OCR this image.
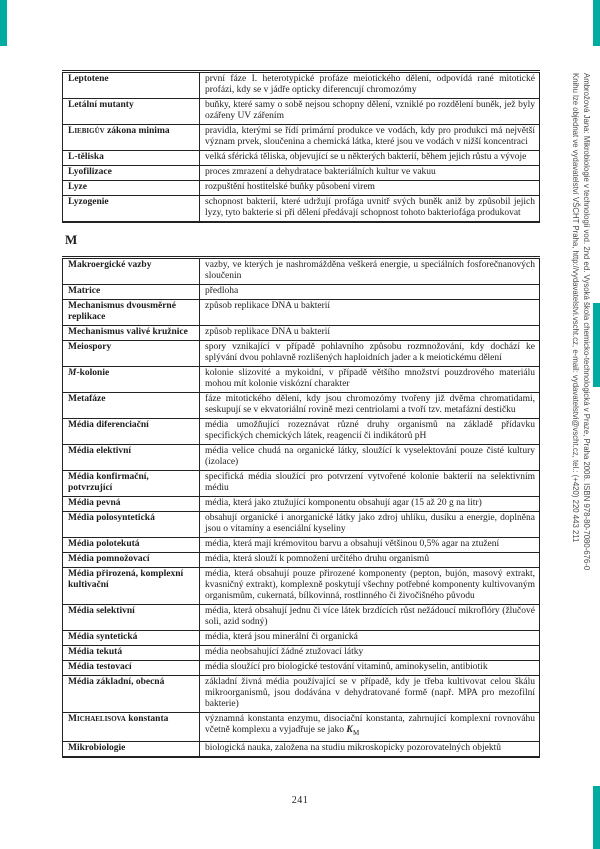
Leptotene	první fáze I. heterotypické profáze meiotického dělení, odpovídá rané mitotické profázi, kdy se v jádře opticky diferencují chromozómy
Letální mutanty	buňky, které samy o sobě nejsou schopny dělení, vzniklé po rozdělení buněk, jež byly ozářeny UV zářením
Liebigův zákona minima	pravidla, kterými se řídí primární produkce ve vodách, kdy pro produkci má největší význam prvek, sloučenina a chemická látka, které jsou ve vodách v nižší koncentraci
L-těliska	velká sférická těliska, objevující se u některých bakterií, během jejich růstu a vývoje
Lyofilizace	proces zmrazení a dehydratace bakteriálních kultur ve vakuu
Lyze	rozpuštění hostitelské buňky působení virem
Lyzogenie	schopnost bakterií, které udržují profága uvnitř svých buněk aniž by způsobil jejich lyzy, tyto bakterie si při dělení předávají schopnost tohoto bakteriofága produkovat
M
Makroergické vazby	vazby, ve kterých je nashromážděna veškerá energie, u speciálních fosforečnanových sloučenin
Matrice	předloha
Mechanismus dvousměrné replikace	způsob replikace DNA u bakterií
Mechanismus valivé kružnice	způsob replikace DNA u bakterií
Meiospory	spory vznikající v případě pohlavního způsobu rozmnožování, kdy dochází ke splývání dvou pohlavně rozlišených haploidních jader a k meiotickému dělení
M-kolonie	kolonie slizovité a mykoidní, v případě většího množství pouzdrového materiálu mohou mít kolonie viskózní charakter
Metafáze	fáze mitotického dělení, kdy jsou chromozómy tvořeny již dvěma chromatidami, seskupují se v ekvatoriální rovině mezi centriolami a tvoří tzv. metafázní destičku
Média diferenciační	média umožňující rozeznávat různé druhy organismů na základě přídavku specifických chemických látek, reagencií či indikátorů pH
Média elektivní	média velice chudá na organické látky, sloužící k vyselektování pouze čisté kultury (izolace)
Média konfirmační, potvrzující	specifická média sloužící pro potvrzení vytvořené kolonie bakterií na selektivním médiu
Média pevná	média, která jako ztužující komponentu obsahují agar (15 až 20 g na litr)
Média polosyntetická	obsahují organické i anorganické látky jako zdroj uhlíku, dusíku a energie, doplněna jsou o vitamíny a esenciální kyseliny
Média polotekutá	média, která mají krémovitou barvu a obsahují většinou 0,5% agar na ztužení
Média pomnožovací	média, která slouží k pomnožení určitého druhu organismů
Média přirozená, komplexní kultivační	média, která obsahují pouze přirozené komponenty (pepton, bujón, masový extrakt, kvasničný extrakt), komplexně poskytují všechny potřebné komponenty kultivovaným organismům, cukernatá, bílkovinná, rostlinného či živočišného původu
Média selektivní	média, která obsahují jednu či více látek brzdících růst nežádoucí mikroflóry (žlučové soli, azid sodný)
Média syntetická	média, která jsou minerální či organická
Média tekutá	média neobsahující žádné ztužovací látky
Média testovací	média sloužící pro biologické testování vitaminů, aminokyselin, antibiotik
Média základní, obecná	základní živná média používající se v případě, kdy je třeba kultivovat celou škálu mikroorganismů, jsou dodávána v dehydratované formě (např. MPA pro mezofilní bakterie)
Michaelisova konstanta	významná konstanta enzymu, disociační konstanta, zahrnující komplexní rovnováhu včetně komplexu a vyjadřuje se jako $K_M$
Mikrobiologie	biologická nauka, založena na studiu mikroskopicky pozorovatelných objektů
Ambrožová Jana: Mikrobiologie v technologii vod. 2nd ed. Vysoká škola chemicko-technologická v Praze, Praha 2008. ISBN 978-80-7080-676-0
Knihu lze objednat ve vydavatelství VŠCHT Praha, http://vydavatelstvi.vscht.cz, e-mail: vydavatelstvi@vscht.cz, tel.: (+420) 220 443 211
241
